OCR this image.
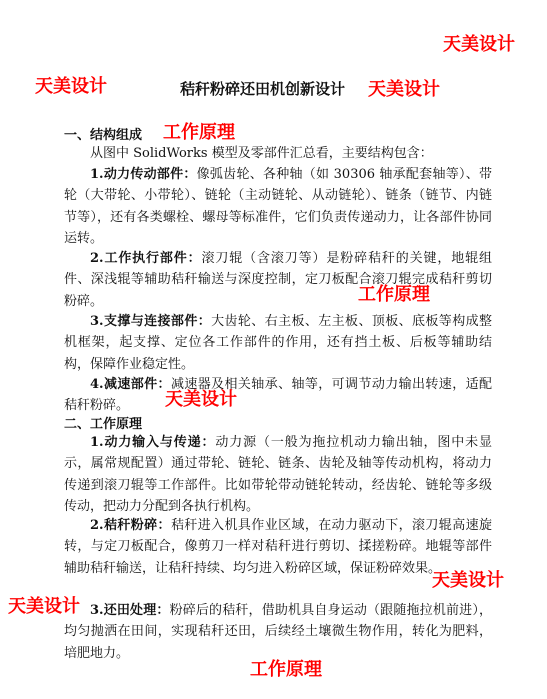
秸秆粉碎还田机创新设计
一、结构组成
从图中 SolidWorks 模型及零部件汇总看，主要结构包含：
1.动力传动部件：像弧齿轮、各种轴（如 30306 轴承配套轴等）、带轮（大带轮、小带轮）、链轮（主动链轮、从动链轮）、链条（链节、内链节等），还有各类螺栓、螺母等标准件，它们负责传递动力，让各部件协同运转。
2.工作执行部件：滚刀辊（含滚刀等）是粉碎秸秆的关键，地辊组件、深浅辊等辅助秸秆输送与深度控制，定刀板配合滚刀辊完成秸秆剪切粉碎。
3.支撑与连接部件：大齿轮、右主板、左主板、顶板、底板等构成整机框架，起支撑、定位各工作部件的作用，还有挡土板、后板等辅助结构，保障作业稳定性。
4.减速部件：减速器及相关轴承、轴等，可调节动力输出转速，适配秸秆粉碎。
二、工作原理
1.动力输入与传递：动力源（一般为拖拉机动力输出轴，图中未显示，属常规配置）通过带轮、链轮、链条、齿轮及轴等传动机构，将动力传递到滚刀辊等工作部件。比如带轮带动链轮转动，经齿轮、链轮等多级传动，把动力分配到各执行机构。
2.秸秆粉碎：秸秆进入机具作业区域，在动力驱动下，滚刀辊高速旋转，与定刀板配合，像剪刀一样对秸秆进行剪切、揉搓粉碎。地辊等部件辅助秸秆输送，让秸秆持续、均匀进入粉碎区域，保证粉碎效果。
3.还田处理：粉碎后的秸秆，借助机具自身运动（跟随拖拉机前进），均匀抛洒在田间，实现秸秆还田，后续经土壤微生物作用，转化为肥料，培肥地力。
天美设计
天美设计	天美设计
工作原理
工作原理
天美设计
天美设计
天美设计
工作原理
